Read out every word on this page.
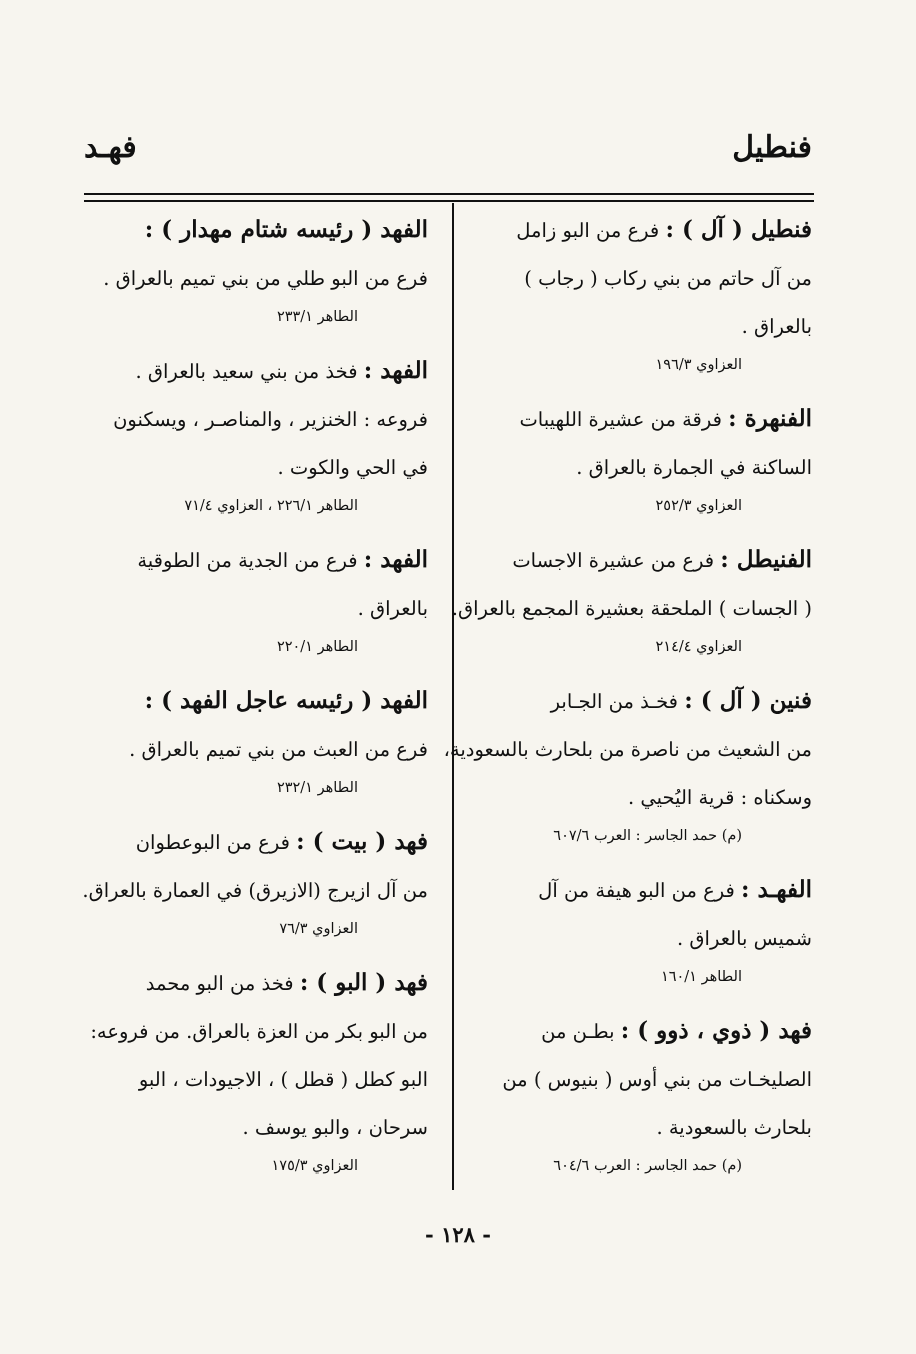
فنطيل
فهـد
فنطيل ( آل ) : فرع من البو زامل
من آل حاتم من بني ركاب ( رجاب )
بالعراق .
العزاوي ۱۹٦/۳
الفنهرة : فرقة من عشيرة اللهيبات
الساكنة في الجمارة بالعراق .
العزاوي ۲٥۲/۳
الفنيطل : فرع من عشيرة الاجسات
( الجسات ) الملحقة بعشيرة المجمع بالعراق.
العزاوي ۲۱٤/٤
فنين ( آل ) : فخـذ من الجـابر
من الشعيث من ناصرة من بلحارث بالسعودية،
وسكناه : قرية اليُحيي .
(م) حمد الجاسر : العرب ٦۰۷/٦
الفهـد : فرع من البو هيفة من آل
شميس بالعراق .
الطاهر ۱٦۰/۱
فهد ( ذوي ، ذوو ) : بطـن من
الصليخـات من بني أوس ( بنيوس ) من
بلحارث بالسعودية .
(م) حمد الجاسر : العرب ٦۰٤/٦
الفهد ( رئيسه شتام مهدار ) :
فرع من البو طلي من بني تميم بالعراق .
الطاهر ۲۳۳/۱
الفهد : فخذ من بني سعيد بالعراق .
فروعه : الخنزير ، والمناصـر ، ويسكنون
في الحي والكوت .
الطاهر ۲۲٦/۱ ، العزاوي ۷۱/٤
الفهد : فرع من الجدية من الطوقية
بالعراق .
الطاهر ۲۲۰/۱
الفهد ( رئيسه عاجل الفهد ) :
فرع من العبث من بني تميم بالعراق .
الطاهر ۲۳۲/۱
فهد ( بيت ) : فرع من البوعطوان
من آل ازيرج (الازيرق) في العمارة بالعراق.
العزاوي ۷٦/۳
فهد ( البو ) : فخذ من البو محمد
من البو بكر من العزة بالعراق. من فروعه:
البو كطل ( قطل ) ، الاجيودات ، البو
سرحان ، والبو يوسف .
العزاوي ۱۷٥/۳
- ۱۲۸ -
